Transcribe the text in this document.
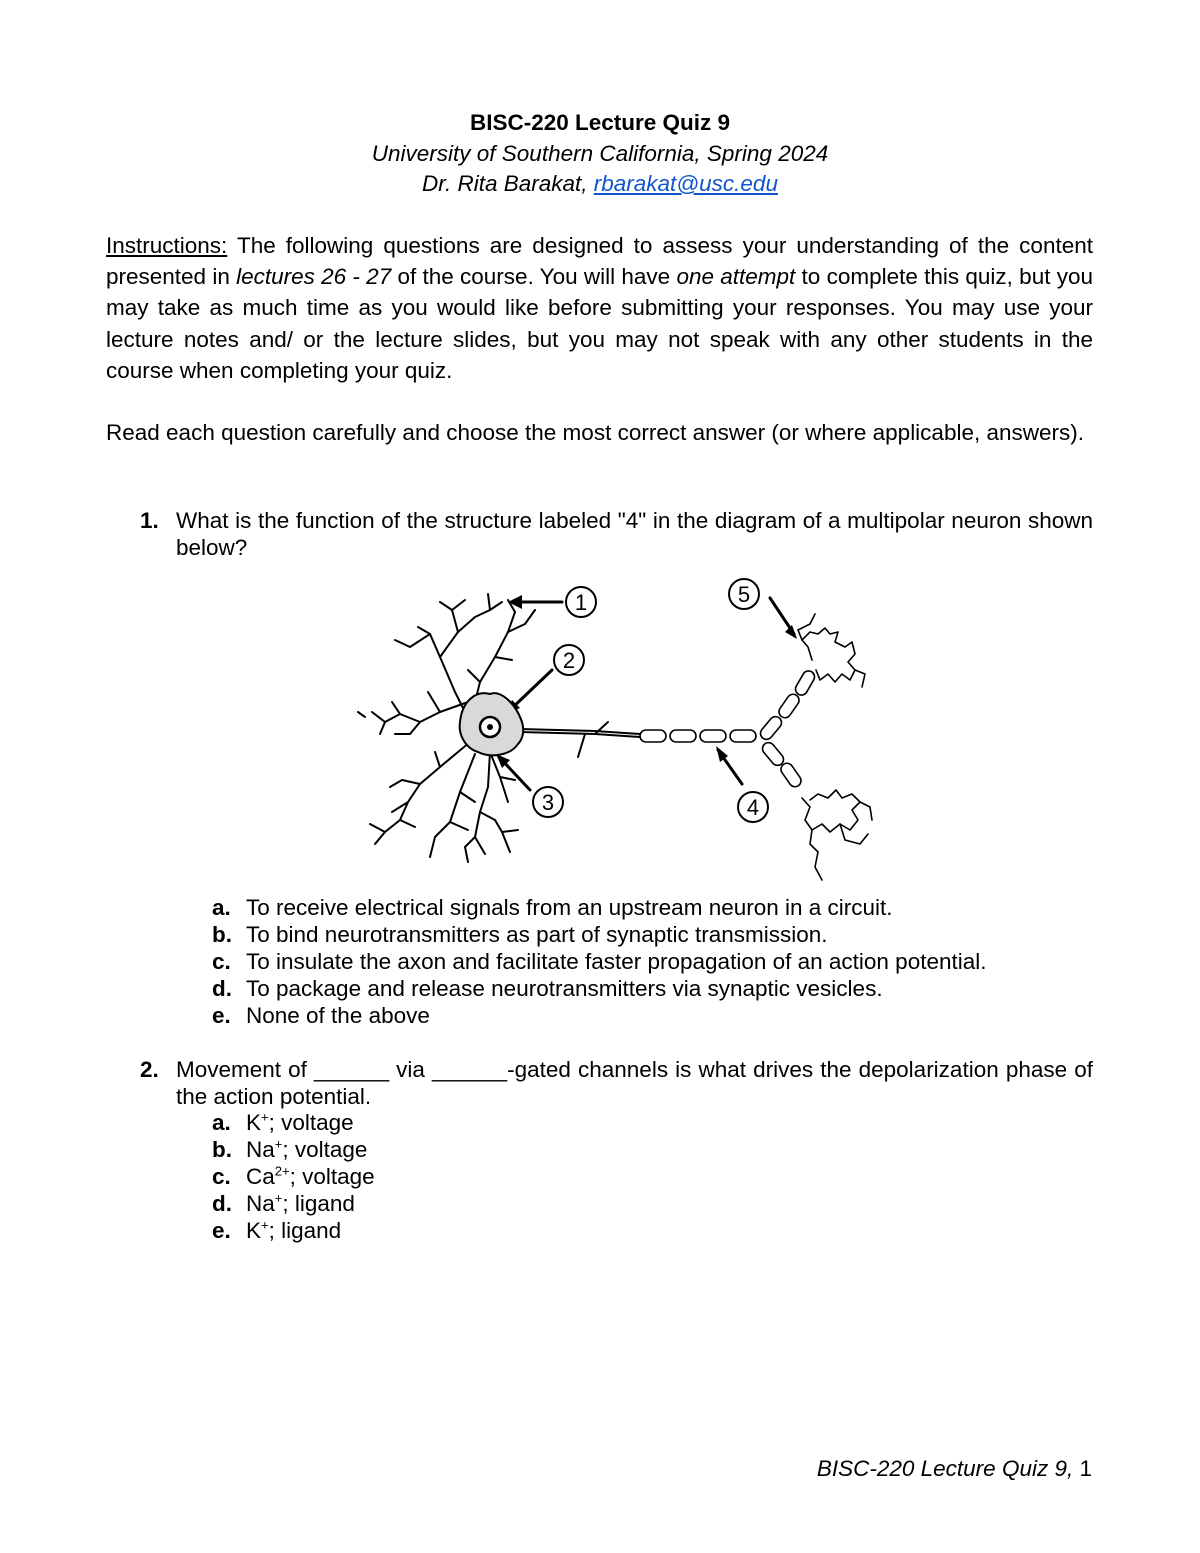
BISC-220 Lecture Quiz 9
University of Southern California, Spring 2024
Dr. Rita Barakat, rbarakat@usc.edu
Instructions: The following questions are designed to assess your understanding of the content presented in lectures 26 - 27 of the course. You will have one attempt to complete this quiz, but you may take as much time as you would like before submitting your responses. You may use your lecture notes and/ or the lecture slides, but you may not speak with any other students in the course when completing your quiz.
Read each question carefully and choose the most correct answer (or where applicable, answers).
1. What is the function of the structure labeled "4" in the diagram of a multipolar neuron shown below?
1
2
3	4
5
a. To receive electrical signals from an upstream neuron in a circuit.
b. To bind neurotransmitters as part of synaptic transmission.
c. To insulate the axon and facilitate faster propagation of an action potential.
d. To package and release neurotransmitters via synaptic vesicles.
e. None of the above
2. Movement of ______ via ______-gated channels is what drives the depolarization phase of the action potential.
a. K+; voltage
b. Na+; voltage
c. $Ca^{2+}$; voltage
d. Na+; ligand
e. K+; ligand
BISC-220 Lecture Quiz 9, 1
